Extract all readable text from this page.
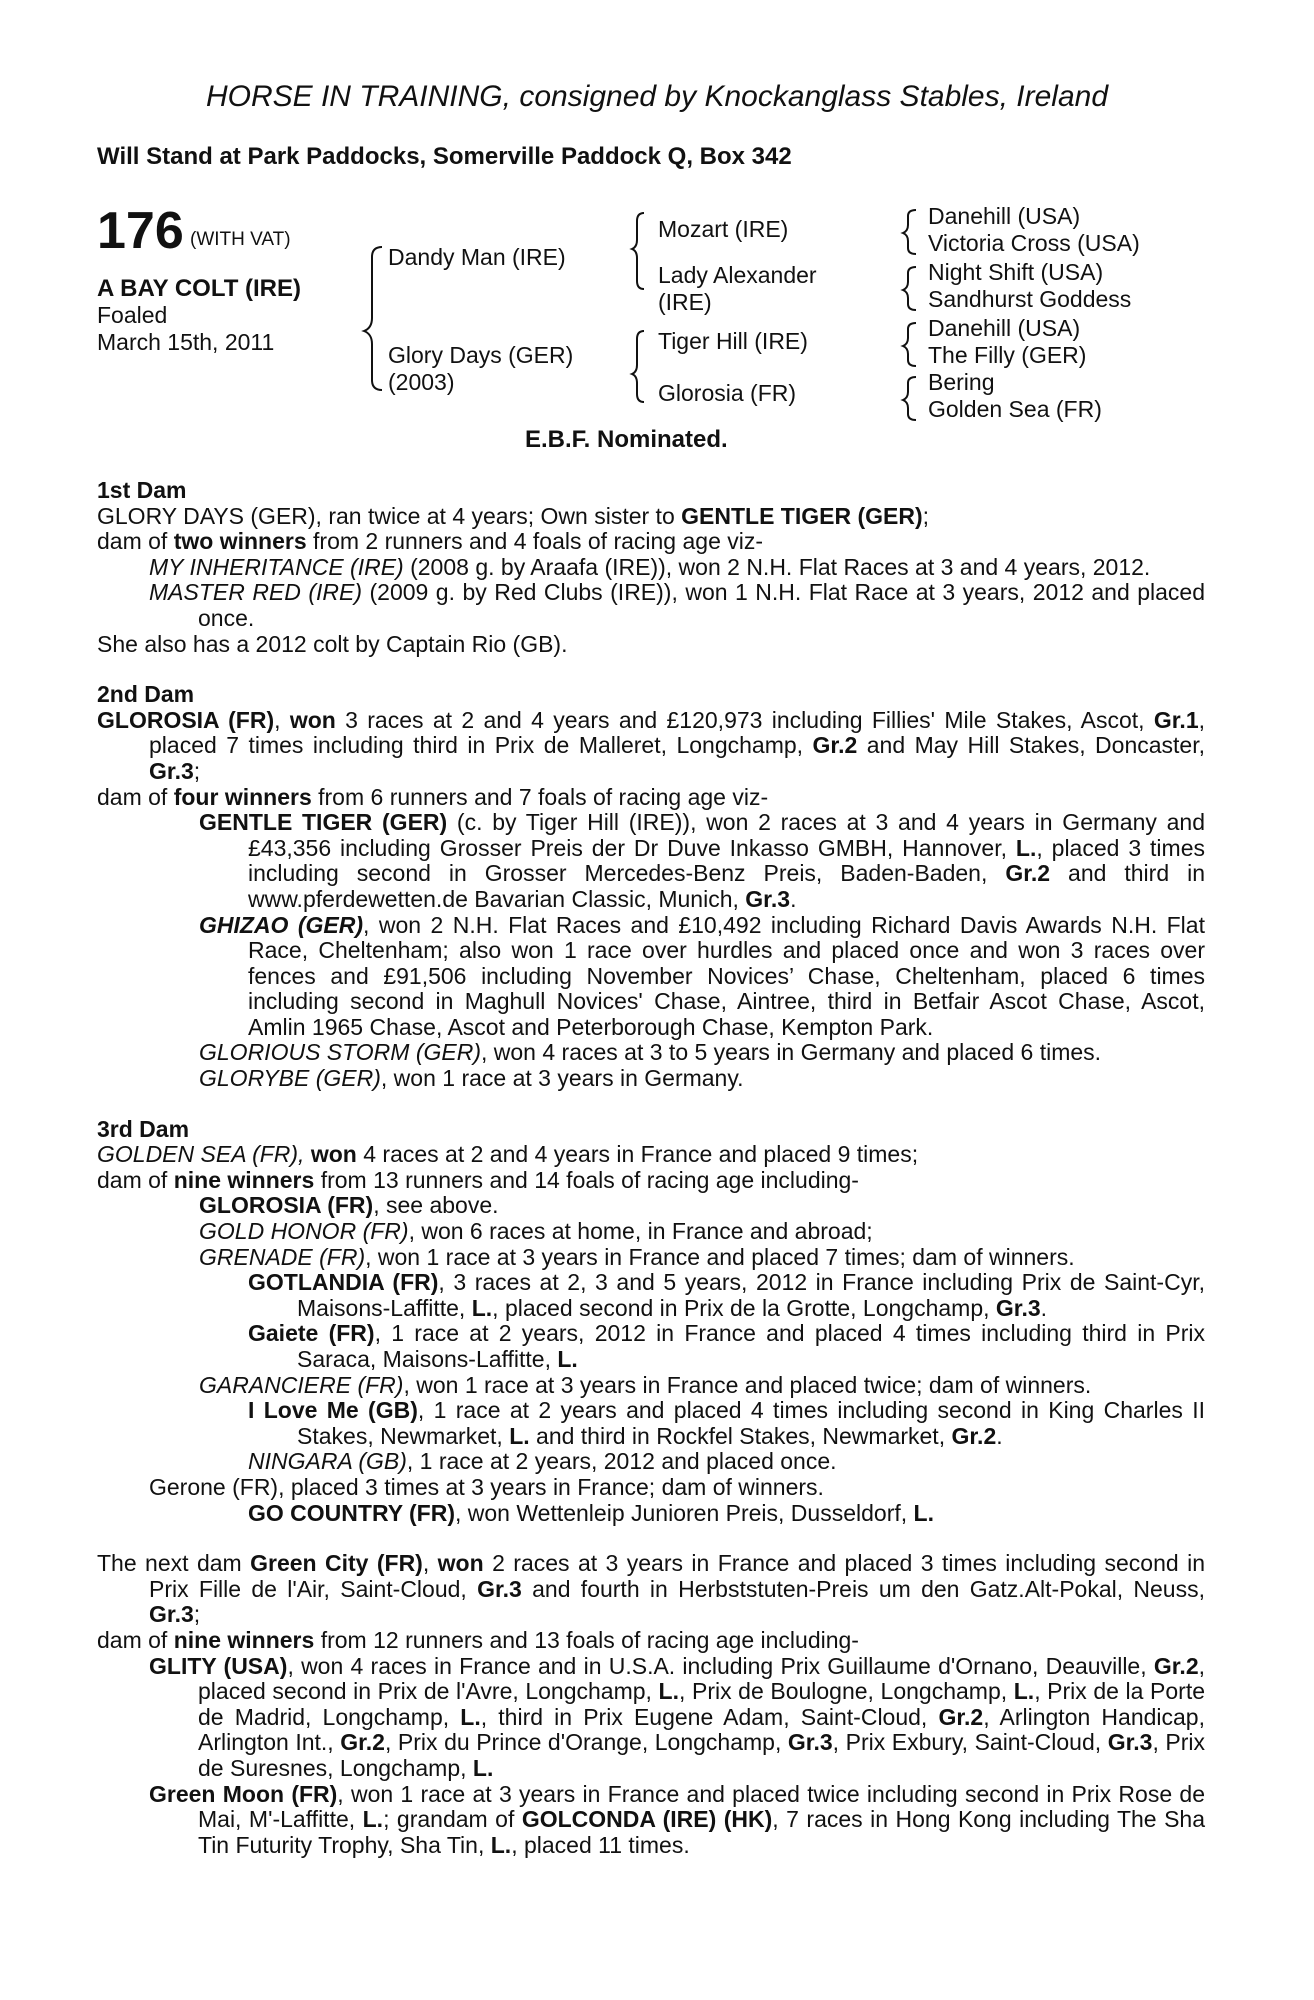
HORSE IN TRAINING, consigned by Knockanglass Stables, Ireland
Will Stand at Park Paddocks, Somerville Paddock Q, Box 342
176 (WITH VAT)
A BAY COLT (IRE)
Foaled
March 15th, 2011
Dandy Man (IRE)
Glory Days (GER)
(2003)
Mozart (IRE)
Lady Alexander
(IRE)
Tiger Hill (IRE)
Glorosia (FR)
Danehill (USA)
Victoria Cross (USA)
Night Shift (USA)
Sandhurst Goddess
Danehill (USA)
The Filly (GER)
Bering
Golden Sea (FR)
E.B.F. Nominated.

1st Dam

GLORY DAYS (GER), ran twice at 4 years; Own sister to GENTLE TIGER (GER);

dam of two winners from 2 runners and 4 foals of racing age viz-

MY INHERITANCE (IRE) (2008 g. by Araafa (IRE)), won 2 N.H. Flat Races at 3 and 4 years, 2012.

MASTER RED (IRE) (2009 g. by Red Clubs (IRE)), won 1 N.H. Flat Race at 3 years, 2012 and placed once.

She also has a 2012 colt by Captain Rio (GB).

2nd Dam

GLOROSIA (FR), won 3 races at 2 and 4 years and £120,973 including Fillies' Mile Stakes, Ascot, Gr.1, placed 7 times including third in Prix de Malleret, Longchamp, Gr.2 and May Hill Stakes, Doncaster, Gr.3;

dam of four winners from 6 runners and 7 foals of racing age viz-

GENTLE TIGER (GER) (c. by Tiger Hill (IRE)), won 2 races at 3 and 4 years in Germany and £43,356 including Grosser Preis der Dr Duve Inkasso GMBH, Hannover, L., placed 3 times including second in Grosser Mercedes-Benz Preis, Baden-Baden, Gr.2 and third in www.pferdewetten.de Bavarian Classic, Munich, Gr.3.

GHIZAO (GER), won 2 N.H. Flat Races and £10,492 including Richard Davis Awards N.H. Flat Race, Cheltenham; also won 1 race over hurdles and placed once and won 3 races over fences and £91,506 including November Novices’ Chase, Cheltenham, placed 6 times including second in Maghull Novices' Chase, Aintree, third in Betfair Ascot Chase, Ascot, Amlin 1965 Chase, Ascot and Peterborough Chase, Kempton Park.

GLORIOUS STORM (GER), won 4 races at 3 to 5 years in Germany and placed 6 times.

GLORYBE (GER), won 1 race at 3 years in Germany.

3rd Dam

GOLDEN SEA (FR), won 4 races at 2 and 4 years in France and placed 9 times;

dam of nine winners from 13 runners and 14 foals of racing age including-

GLOROSIA (FR), see above.

GOLD HONOR (FR), won 6 races at home, in France and abroad;

GRENADE (FR), won 1 race at 3 years in France and placed 7 times; dam of winners.

GOTLANDIA (FR), 3 races at 2, 3 and 5 years, 2012 in France including Prix de Saint-Cyr, Maisons-Laffitte, L., placed second in Prix de la Grotte, Longchamp, Gr.3.

Gaiete (FR), 1 race at 2 years, 2012 in France and placed 4 times including third in Prix Saraca, Maisons-Laffitte, L.

GARANCIERE (FR), won 1 race at 3 years in France and placed twice; dam of winners.

I Love Me (GB), 1 race at 2 years and placed 4 times including second in King Charles II Stakes, Newmarket, L. and third in Rockfel Stakes, Newmarket, Gr.2.

NINGARA (GB), 1 race at 2 years, 2012 and placed once.

Gerone (FR), placed 3 times at 3 years in France; dam of winners.

GO COUNTRY (FR), won Wettenleip Junioren Preis, Dusseldorf, L.

The next dam Green City (FR), won 2 races at 3 years in France and placed 3 times including second in Prix Fille de l'Air, Saint-Cloud, Gr.3 and fourth in Herbststuten-Preis um den Gatz.Alt-Pokal, Neuss, Gr.3;

dam of nine winners from 12 runners and 13 foals of racing age including-

GLITY (USA), won 4 races in France and in U.S.A. including Prix Guillaume d'Ornano, Deauville, Gr.2, placed second in Prix de l'Avre, Longchamp, L., Prix de Boulogne, Longchamp, L., Prix de la Porte de Madrid, Longchamp, L., third in Prix Eugene Adam, Saint-Cloud, Gr.2, Arlington Handicap, Arlington Int., Gr.2, Prix du Prince d'Orange, Longchamp, Gr.3, Prix Exbury, Saint-Cloud, Gr.3, Prix de Suresnes, Longchamp, L.

Green Moon (FR), won 1 race at 3 years in France and placed twice including second in Prix Rose de Mai, M'-Laffitte, L.; grandam of GOLCONDA (IRE) (HK), 7 races in Hong Kong including The Sha Tin Futurity Trophy, Sha Tin, L., placed 11 times.
